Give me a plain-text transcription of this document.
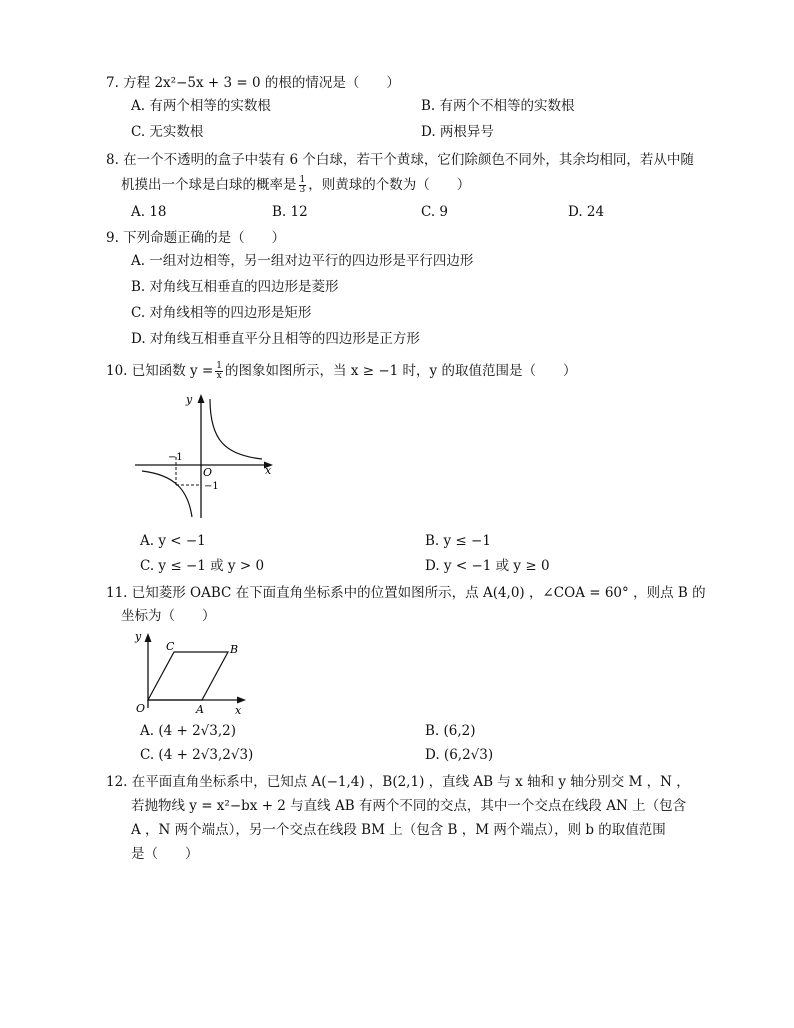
7. 方程 2x²−5x + 3 = 0 的根的情况是（　　）
A. 有两个相等的实数根	B. 有两个不相等的实数根
C. 无实数根	D. 两根异号
8. 在一个不透明的盒子中装有 6 个白球，若干个黄球，它们除颜色不同外，其余均相同，若从中随
机摸出一个球是白球的概率是 $\frac{1}{3}$ ，则黄球的个数为（　　）
A. 18	B. 12	C. 9	D. 24
9. 下列命题正确的是（　　）
A. 一组对边相等，另一组对边平行的四边形是平行四边形
B. 对角线互相垂直的四边形是菱形
C. 对角线相等的四边形是矩形
D. 对角线互相垂直平分且相等的四边形是正方形
10. 已知函数 $y = \frac{1}{x}$ 的图象如图所示，当 x ≥ −1 时，y 的取值范围是（　　）
y
x
O
−1
−1
A. y < −1	B. y ≤ −1
C. y ≤ −1 或 y > 0	D. y < −1 或 y ≥ 0
11. 已知菱形 OABC 在下面直角坐标系中的位置如图所示，点 A(4,0) ，∠COA = 60° ，则点 B 的
坐标为（　　）
y
x
O	A
B
C
A. (4 + 2√3,2)	B. (6,2)
C. (4 + 2√3,2√3)	D. (6,2√3)
12. 在平面直角坐标系中，已知点 A(−1,4) ，B(2,1) ，直线 AB 与 x 轴和 y 轴分别交 M ，N ，
若抛物线 y = x²−bx + 2 与直线 AB 有两个不同的交点，其中一个交点在线段 AN 上（包含
A ，N 两个端点），另一个交点在线段 BM 上（包含 B ，M 两个端点），则 b 的取值范围
是（　　）
